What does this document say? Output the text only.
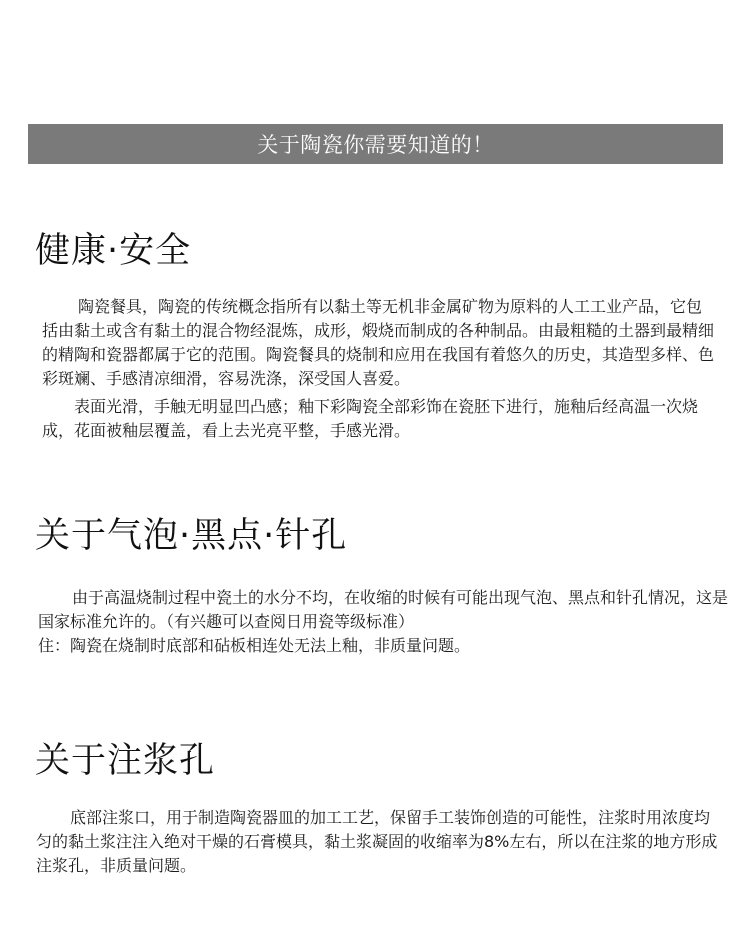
关于陶瓷你需要知道的！
健康·安全

陶瓷餐具，陶瓷的传统概念指所有以黏土等无机非金属矿物为原料的人工工业产品，它包括由黏土或含有黏土的混合物经混炼，成形，煅烧而制成的各种制品。由最粗糙的土器到最精细的精陶和瓷器都属于它的范围。陶瓷餐具的烧制和应用在我国有着悠久的历史，其造型多样、色彩斑斓、手感清凉细滑，容易洗涤，深受国人喜爱。

表面光滑，手触无明显凹凸感；釉下彩陶瓷全部彩饰在瓷胚下进行，施釉后经高温一次烧成，花面被釉层覆盖，看上去光亮平整，手感光滑。

关于气泡·黑点·针孔

由于高温烧制过程中瓷土的水分不均，在收缩的时候有可能出现气泡、黑点和针孔情况，这是国家标准允许的。（有兴趣可以查阅日用瓷等级标准）

住：陶瓷在烧制时底部和砧板相连处无法上釉，非质量问题。

关于注浆孔

底部注浆口，用于制造陶瓷器皿的加工工艺，保留手工装饰创造的可能性，注浆时用浓度均匀的黏土浆注注入绝对干燥的石膏模具，黏土浆凝固的收缩率为8%左右，所以在注浆的地方形成注浆孔，非质量问题。
